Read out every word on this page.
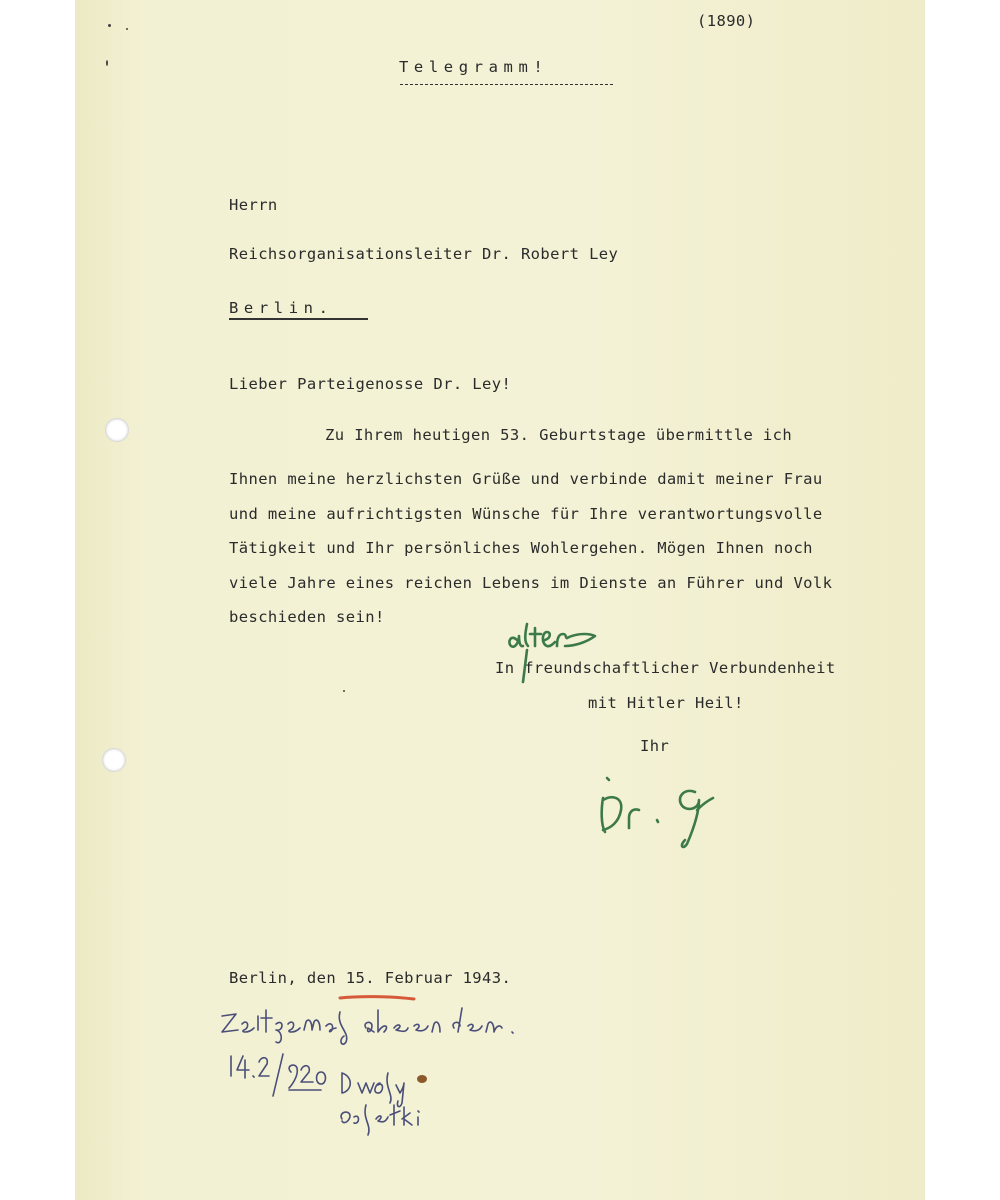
(1890)
Telegramm!
Herrn
Reichsorganisationsleiter Dr. Robert Ley
Berlin.
Lieber Parteigenosse Dr. Ley!
Zu Ihrem heutigen 53. Geburtstage übermittle ich
Ihnen meine herzlichsten Grüße und verbinde damit meiner Frau
und meine aufrichtigsten Wünsche für Ihre verantwortungsvolle
Tätigkeit und Ihr persönliches Wohlergehen. Mögen Ihnen noch
viele Jahre eines reichen Lebens im Dienste an Führer und Volk
beschieden sein!
In freundschaftlicher Verbundenheit
mit Hitler Heil!
Ihr
Berlin, den 15. Februar 1943.
